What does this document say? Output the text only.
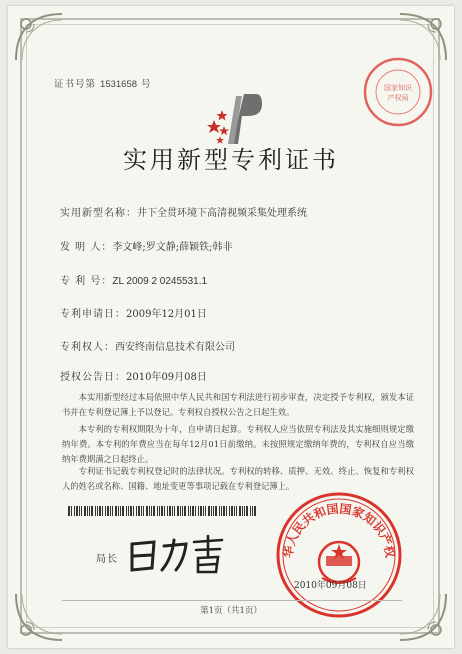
证书号第 1531658 号	国家知识
产权局
实用新型专利证书
实用新型名称：井下全贯环境下高清视频采集处理系统
发 明 人：李文峰;罗文静;薛颖铁;韩非
专 利 号：ZL 2009 2 0245531.1
专利申请日：2009年12月01日
专利权人：西安终南信息技术有限公司
授权公告日：2010年09月08日
本实用新型经过本局依照中华人民共和国专利法进行初步审查，决定授予专利权，颁发本证书并在专利登记簿上予以登记。专利权自授权公告之日起生效。
本专利的专利权期限为十年，自申请日起算。专利权人应当依照专利法及其实施细则规定缴纳年费。本专利的年费应当在每年12月01日前缴纳。未按照规定缴纳年费的，专利权自应当缴纳年费期满之日起终止。
专利证书记载专利权登记时的法律状况。专利权的转移、质押、无效、终止、恢复和专利权人的姓名或名称、国籍、地址变更等事项记载在专利登记簿上。
局长
华人民共和国国家知识产权
2010年09月08日
第1页（共1页）
